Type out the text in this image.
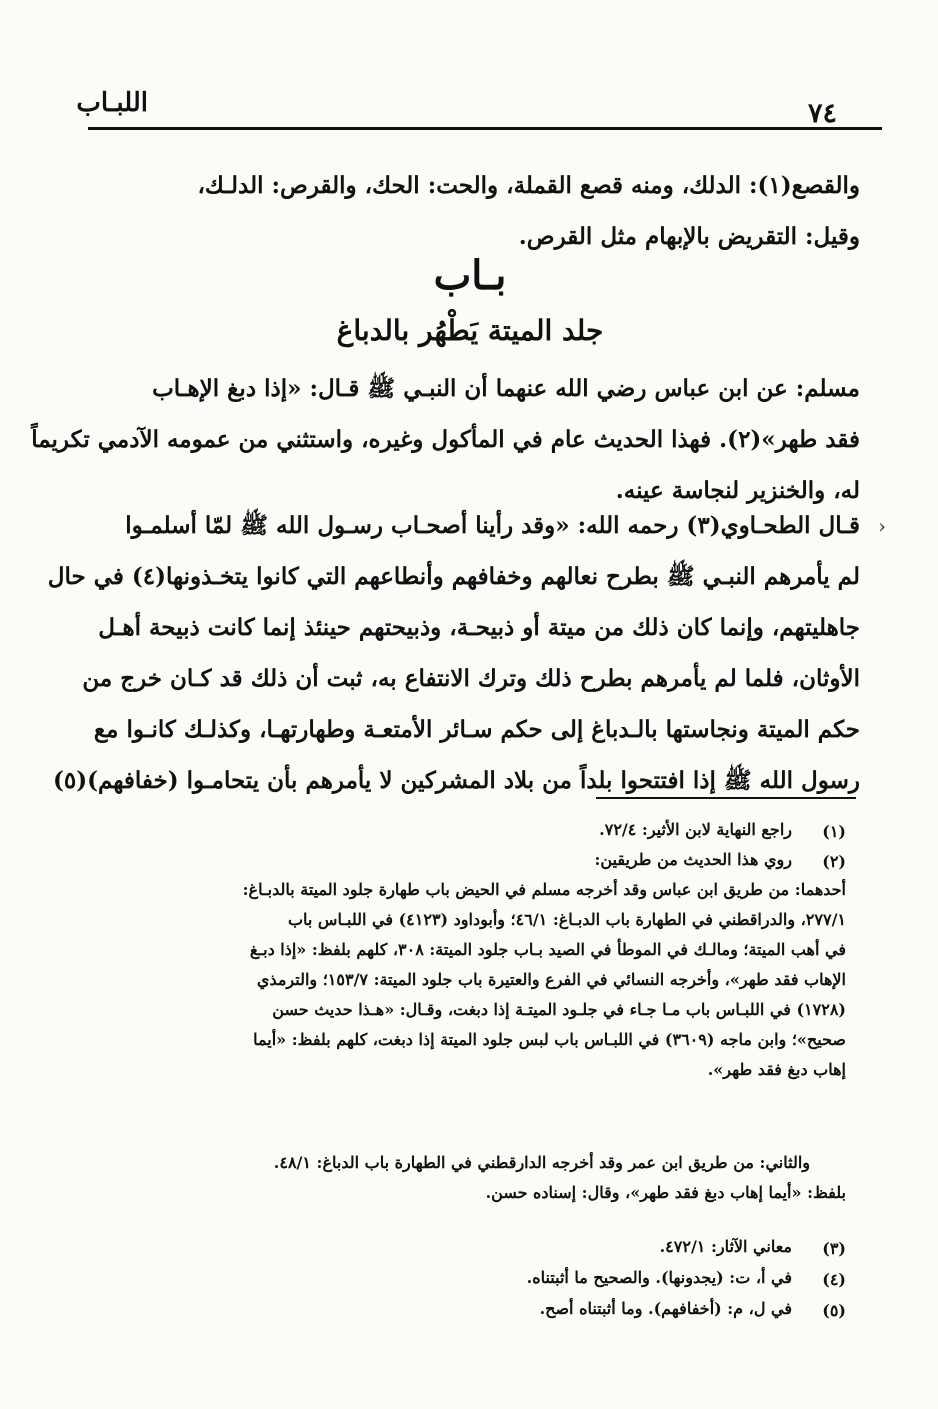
اللبـاب	٧٤
والقصع(١): الدلك، ومنه قصع القملة، والحت: الحك، والقرص: الدلـك،
وقيل: التقريض بالإبهام مثل القرص.
بـاب
جلد الميتة يَطْهُر بالدباغ
مسلم: عن ابن عباس رضي الله عنهما أن النبـي ﷺ قـال: «إذا دبغ الإهـاب
فقد طهر»(٢). فهذا الحديث عام في المأكول وغيره، واستثني من عمومه الآدمي تكريماً
له، والخنزير لنجاسة عينه.
‹
قـال الطحـاوي(٣) رحمه الله: «وقد رأينا أصحـاب رسـول الله ﷺ لمّا أسلمـوا
لم يأمرهم النبـي ﷺ بطرح نعالهم وخفافهم وأنطاعهم التي كانوا يتخـذونها(٤) في حال
جاهليتهم، وإنما كان ذلك من ميتة أو ذبيحـة، وذبيحتهم حينئذ إنما كانت ذبيحة أهـل
الأوثان، فلما لم يأمرهم بطرح ذلك وترك الانتفاع به، ثبت أن ذلك قد كـان خرج من
حكم الميتة ونجاستها بالـدباغ إلى حكم سـائر الأمتعـة وطهارتهـا، وكذلـك كانـوا مع
رسول الله ﷺ إذا افتتحوا بلداً من بلاد المشركين لا يأمرهم بأن يتحامـوا (خفافهم)(٥)
(١)
(٢)
(٣)
(٤)
(٥)
راجع النهاية لابن الأثير: ٧٢/٤.
روي هذا الحديث من طريقين:
أحدهما: من طريق ابن عباس وقد أخرجه مسلم في الحيض باب طهارة جلود الميتة بالدبـاغ:
٢٧٧/١، والدراقطني في الطهارة باب الدبـاغ: ٤٦/١؛ وأبوداود (٤١٢٣) في اللبـاس باب
في أهب الميتة؛ ومالـك في الموطأ في الصيد بـاب جلود الميتة: ٣٠٨، كلهم بلفظ: «إذا دبـغ
الإهاب فقد طهر»، وأخرجه النسائي في الفرع والعتيرة باب جلود الميتة: ١٥٣/٧؛ والترمذي
(١٧٢٨) في اللبـاس باب مـا جـاء في جلـود الميتـة إذا دبغت، وقـال: «هـذا حديث حسن
صحيح»؛ وابن ماجه (٣٦٠٩) في اللبـاس باب لبس جلود الميتة إذا دبغت، كلهم بلفظ: «أيما
إهاب دبغ فقد طهر».
والثاني: من طريق ابن عمر وقد أخرجه الدارقطني في الطهارة باب الدباغ: ٤٨/١.
بلفظ: «أيما إهاب دبغ فقد طهر»، وقال: إسناده حسن.
معاني الآثار: ٤٧٢/١.
في أ، ت: (يجدونها). والصحيح ما أثبتناه.
في ل، م: (أخفافهم). وما أثبتناه أصح.
